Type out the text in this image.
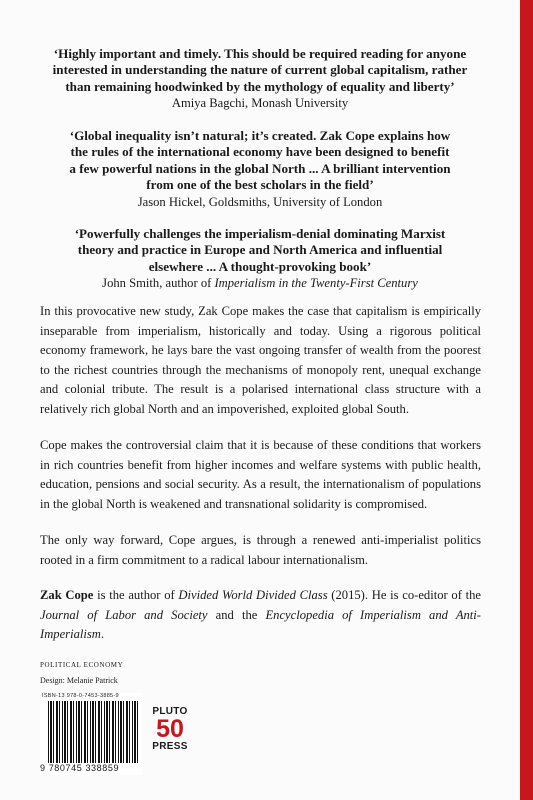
‘Highly important and timely. This should be required reading for anyone

interested in understanding the nature of current global capitalism, rather

than remaining hoodwinked by the mythology of equality and liberty’

Amiya Bagchi, Monash University

‘Global inequality isn’t natural; it’s created. Zak Cope explains how

the rules of the international economy have been designed to benefit

a few powerful nations in the global North ... A brilliant intervention

from one of the best scholars in the field’

Jason Hickel, Goldsmiths, University of London

‘Powerfully challenges the imperialism-denial dominating Marxist

theory and practice in Europe and North America and influential

elsewhere ... A thought-provoking book’

John Smith, author of Imperialism in the Twenty-First Century

In this provocative new study, Zak Cope makes the case that capitalism is empirically inseparable from imperialism, historically and today. Using a rigorous political economy framework, he lays bare the vast ongoing transfer of wealth from the poorest to the richest countries through the mechanisms of monopoly rent, unequal exchange and colonial tribute. The result is a polarised international class structure with a relatively rich global North and an impoverished, exploited global South.

Cope makes the controversial claim that it is because of these conditions that workers in rich countries benefit from higher incomes and welfare systems with public health, education, pensions and social security. As a result, the internationalism of populations in the global North is weakened and transnational solidarity is compromised.

The only way forward, Cope argues, is through a renewed anti-imperialist politics rooted in a firm commitment to a radical labour internationalism.

Zak Cope is the author of Divided World Divided Class (2015). He is co-editor of the Journal of Labor and Society and the Encyclopedia of Imperialism and Anti-Imperialism.

POLITICAL ECONOMY
Design: Melanie Patrick
ISBN-13 978-0-7453-3885-9
9 780745 338859
PLUTO
50
PRESS
